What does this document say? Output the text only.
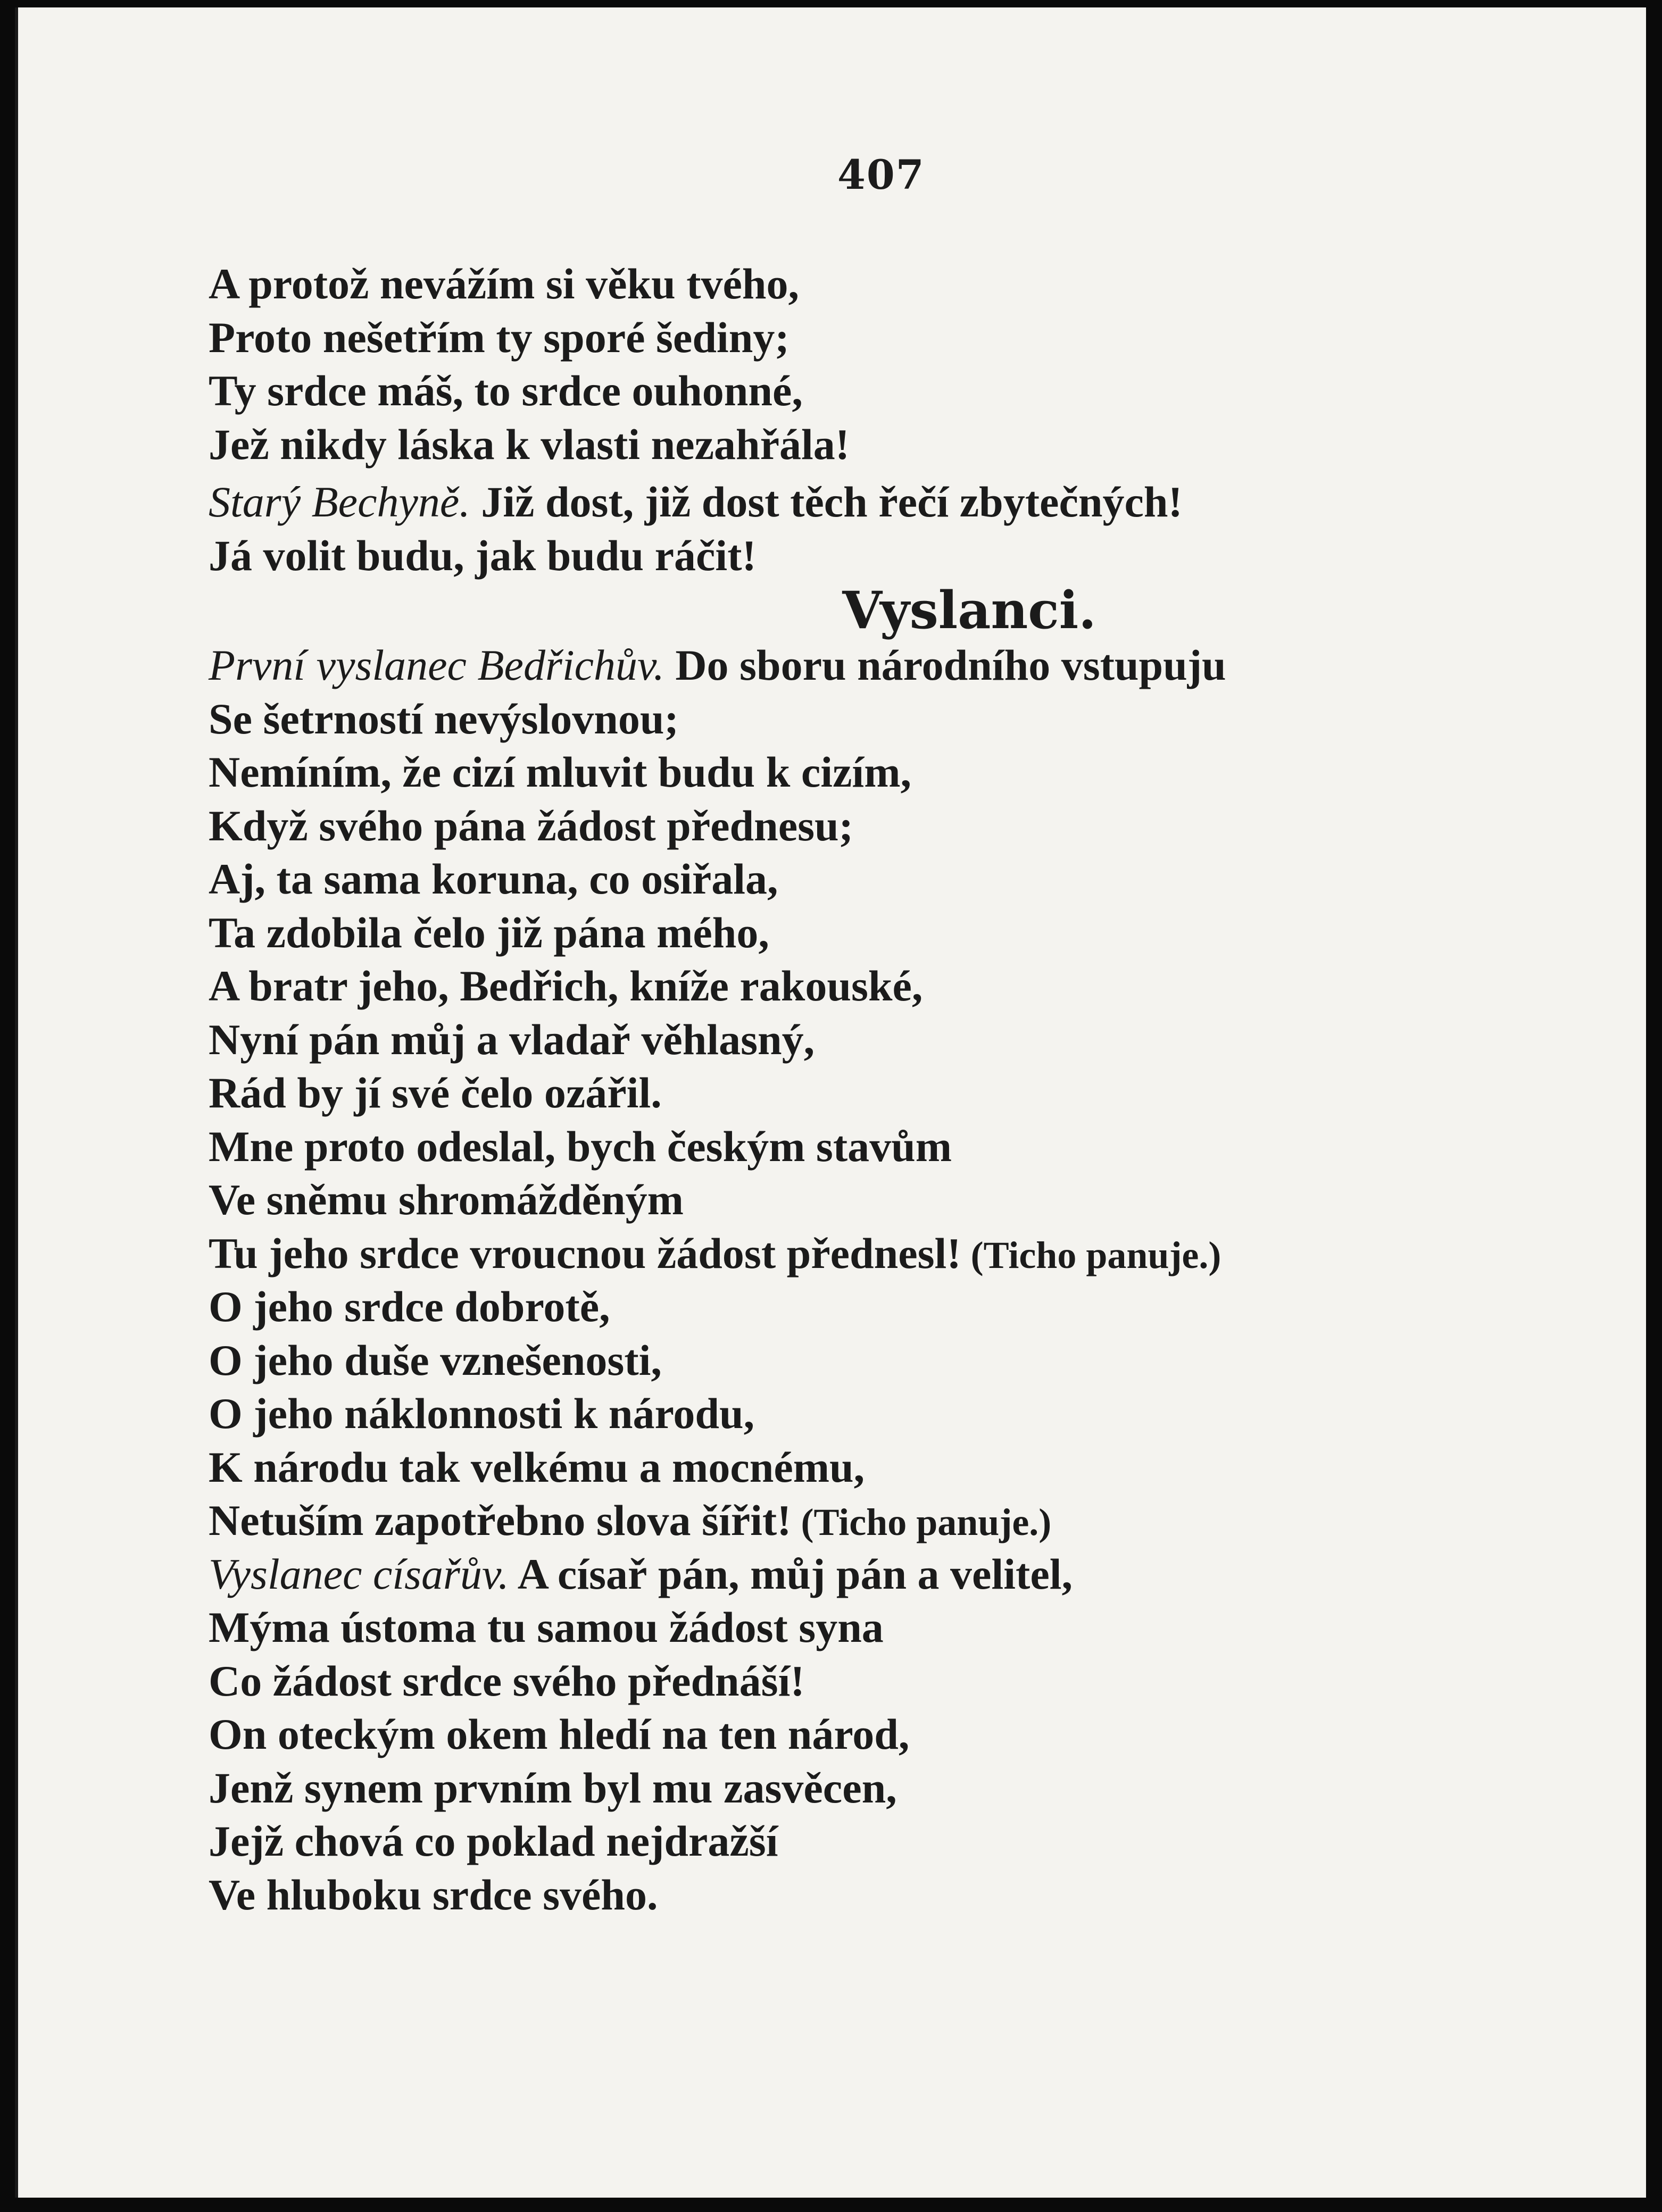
407
A protož nevážím si věku tvého,
Proto nešetřím ty sporé šediny;
Ty srdce máš, to srdce ouhonné,
Jež nikdy láska k vlasti nezahřála!
Starý Bechyně. Již dost, již dost těch řečí zbytečných!
Já volit budu, jak budu ráčit!
Vyslanci.
První vyslanec Bedřichův. Do sboru národního vstupuju
Se šetrností nevýslovnou;
Nemíním, že cizí mluvit budu k cizím,
Když svého pána žádost přednesu;
Aj, ta sama koruna, co osiřala,
Ta zdobila čelo již pána mého,
A bratr jeho, Bedřich, kníže rakouské,
Nyní pán můj a vladař věhlasný,
Rád by jí své čelo ozářil.
Mne proto odeslal, bych českým stavům
Ve sněmu shromážděným
Tu jeho srdce vroucnou žádost přednesl! (Ticho panuje.)
O jeho srdce dobrotě,
O jeho duše vznešenosti,
O jeho náklonnosti k národu,
K národu tak velkému a mocnému,
Netuším zapotřebno slova šířit! (Ticho panuje.)
Vyslanec císařův. A císař pán, můj pán a velitel,
Mýma ústoma tu samou žádost syna
Co žádost srdce svého přednáší!
On oteckým okem hledí na ten národ,
Jenž synem prvním byl mu zasvěcen,
Jejž chová co poklad nejdražší
Ve hluboku srdce svého.
